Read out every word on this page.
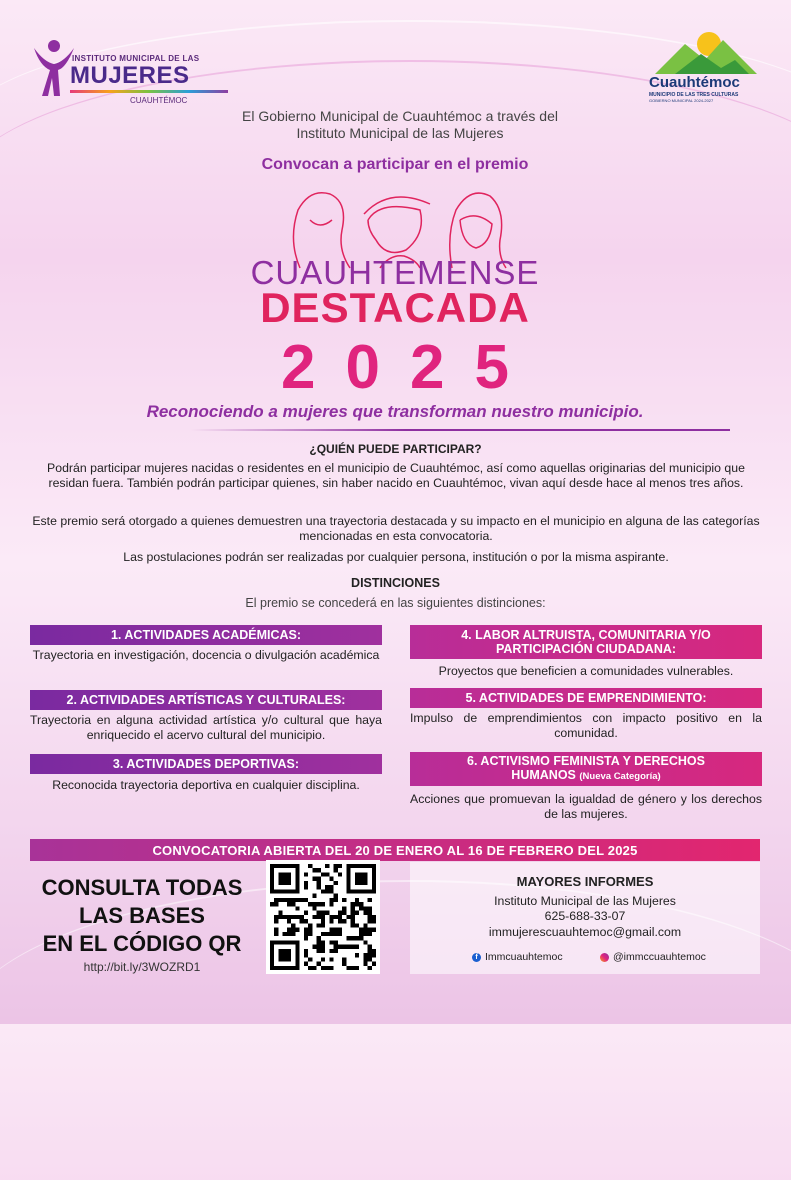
INSTITUTO MUNICIPAL DE LAS
MUJERES
CUAUHTÉMOC
Cuauhtémoc
MUNICIPIO DE LAS TRES CULTURAS
GOBIERNO MUNICIPAL 2024-2027
El Gobierno Municipal de Cuauhtémoc a través del
Instituto Municipal de las Mujeres
Convocan a participar en el premio
CUAUHTEMENSE
DESTACADA
2025
Reconociendo a mujeres que transforman nuestro municipio.
¿QUIÉN PUEDE PARTICIPAR?
Podrán participar mujeres nacidas o residentes en el municipio de Cuauhtémoc, así como aquellas originarias del municipio que residan fuera. También podrán participar quienes, sin haber nacido en Cuauhtémoc, vivan aquí desde hace al menos tres años.
Este premio será otorgado a quienes demuestren una trayectoria destacada y su impacto en el municipio en alguna de las categorías mencionadas en esta convocatoria.
Las postulaciones podrán ser realizadas por cualquier persona, institución o por la misma aspirante.
DISTINCIONES
El premio se concederá en las siguientes distinciones:
1. ACTIVIDADES ACADÉMICAS:
Trayectoria en investigación, docencia o divulgación académica
2. ACTIVIDADES ARTÍSTICAS Y CULTURALES:
Trayectoria en alguna actividad artística y/o cultural que haya enriquecido el acervo cultural del municipio.
3. ACTIVIDADES DEPORTIVAS:
Reconocida trayectoria deportiva en cualquier disciplina.
4. LABOR ALTRUISTA, COMUNITARIA Y/O PARTICIPACIÓN CIUDADANA:
Proyectos que beneficien a comunidades vulnerables.
5. ACTIVIDADES DE EMPRENDIMIENTO:
Impulso de emprendimientos con impacto positivo en la comunidad.
6. ACTIVISMO FEMINISTA Y DERECHOS HUMANOS (Nueva Categoría)
Acciones que promuevan la igualdad de género y los derechos de las mujeres.
CONVOCATORIA ABIERTA DEL 20 DE ENERO AL 16 DE FEBRERO DEL 2025
CONSULTA TODAS
LAS BASES
EN EL CÓDIGO QR
http://bit.ly/3WOZRD1
MAYORES INFORMES
Instituto Municipal de las Mujeres
625-688-33-07
immujerescuauhtemoc@gmail.com
f Immcuauhtemoc	@immccuauhtemoc
